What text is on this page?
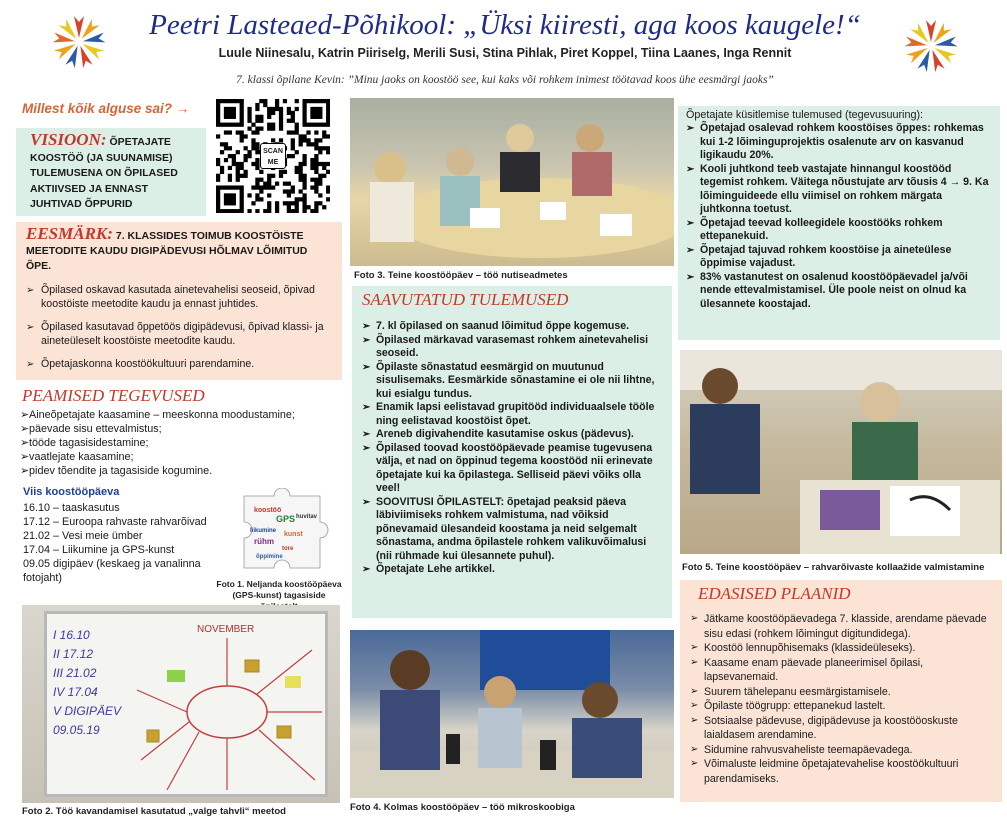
Peetri Lasteaed-Põhikool: „Üksi kiiresti, aga koos kaugele!“
Luule Niinesalu, Katrin Piiriselg, Merili Susi, Stina Pihlak, Piret Koppel, Tiina Laanes, Inga Rennit
7. klassi õpilane Kevin: ”Minu jaoks on koostöö see, kui kaks või rohkem inimest töötavad koos ühe eesmärgi jaoks”
Millest kõik alguse sai? →
SCAN ME
VISIOON: ÕPETAJATE KOOSTÖÖ (JA SUUNAMISE) TULEMUSENA ON ÕPILASED AKTIIVSED JA ENNAST JUHTIVAD ÕPPURID
EESMÄRK: 7. KLASSIDES TOIMUB KOOSTÖISTE MEETODITE KAUDU DIGIPÄDEVUSI HÕLMAV LÕIMITUD ÕPE.
➢ Õpilased oskavad kasutada ainetevahelisi seoseid, õpivad koostöiste meetodite kaudu ja ennast juhtides.
➢ Õpilased kasutavad õppetöös digipädevusi, õpivad klassi- ja aineteüleselt koostöiste meetodite kaudu.
➢ Õpetajaskonna koostöökultuuri parendamine.
PEAMISED TEGEVUSED
➢Aineõpetajate kaasamine – meeskonna moodustamine;
➢päevade sisu ettevalmistus;
➢tööde tagasisidestamine;
➢vaatlejate kaasamine;
➢pidev tõendite ja tagasiside kogumine.
Viis koostööpäeva
16.10 – taaskasutus
17.12 – Euroopa rahvaste rahvarõivad
21.02 – Vesi meie ümber
17.04 – Liikumine ja GPS-kunst
09.05 digipäev (keskaeg ja vanalinna fotojaht)
koostöö
GPS
liikumine kunst
rühm
tore
õppimine
huvitav
Foto 1. Neljanda koostööpäeva (GPS-kunst) tagasiside
NOVEMBER
I 16.10
II 17.12
III 21.02
IV 17.04
V DIGIPÄEV 09.05.19
Foto 2. Töö kavandamisel kasutatud „valge tahvli“ meetod
Foto 3. Teine koostööpäev – töö nutiseadmetes
SAAVUTATUD TULEMUSED
➢ 7. kl õpilased on saanud lõimitud õppe kogemuse.
➢ Õpilased märkavad varasemast rohkem ainetevahelisi seoseid.
➢ Õpilaste sõnastatud eesmärgid on muutunud sisulisemaks. Eesmärkide sõnastamine ei ole nii lihtne, kui esialgu tundus.
➢ Enamik lapsi eelistavad grupitööd individuaalsele tööle ning eelistavad koostöist õpet.
➢ Areneb digivahendite kasutamise oskus (pädevus).
➢ Õpilased toovad koostööpäevade peamise tugevusena välja, et nad on õppinud tegema koostööd nii erinevate õpetajate kui ka õpilastega. Selliseid päevi võiks olla veel!
➢ SOOVITUSI ÕPILASTELT: õpetajad peaksid päeva läbiviimiseks rohkem valmistuma, nad võiksid põnevamaid ülesandeid koostama ja neid selgemalt sõnastama, andma õpilastele rohkem valikuvõimalusi (nii rühmade kui ülesannete puhul).
➢ Õpetajate Lehe artikkel.
Foto 4. Kolmas koostööpäev – töö mikroskoobiga
Õpetajate küsitlemise tulemused (tegevusuuring):
➢ Õpetajad osalevad rohkem koostöises õppes: rohkemas kui 1-2 lõiminguprojektis osalenute arv on kasvanud ligikaudu 20%.
➢ Kooli juhtkond teeb vastajate hinnangul koostööd tegemist rohkem. Väitega nõustujate arv tõusis 4 → 9. Ka lõiminguideede ellu viimisel on rohkem märgata juhtkonna toetust.
➢ Õpetajad teevad kolleegidele koostööks rohkem ettepanekuid.
➢ Õpetajad tajuvad rohkem koostöise ja aineteülese õppimise vajadust.
➢ 83% vastanutest on osalenud koostööpäevadel ja/või nende ettevalmistamisel. Üle poole neist on olnud ka ülesannete koostajad.
Foto 5. Teine koostööpäev – rahvarõivaste kollaažide valmistamine
EDASISED PLAANID
➢ Jätkame koostööpäevadega 7. klasside, arendame päevade sisu edasi (rohkem lõimingut digitundidega).
➢ Koostöö lennupõhisemaks (klassideüleseks).
➢ Kaasame enam päevade planeerimisel õpilasi, lapsevanemaid.
➢ Suurem tähelepanu eesmärgistamisele.
➢ Õpilaste töögrupp: ettepanekud lastelt.
➢ Sotsiaalse pädevuse, digipädevuse ja koostööoskuste laialdasem arendamine.
➢ Sidumine rahvusvaheliste teemapäevadega.
➢ Võimaluste leidmine õpetajatevahelise koostöökultuuri parendamiseks.
